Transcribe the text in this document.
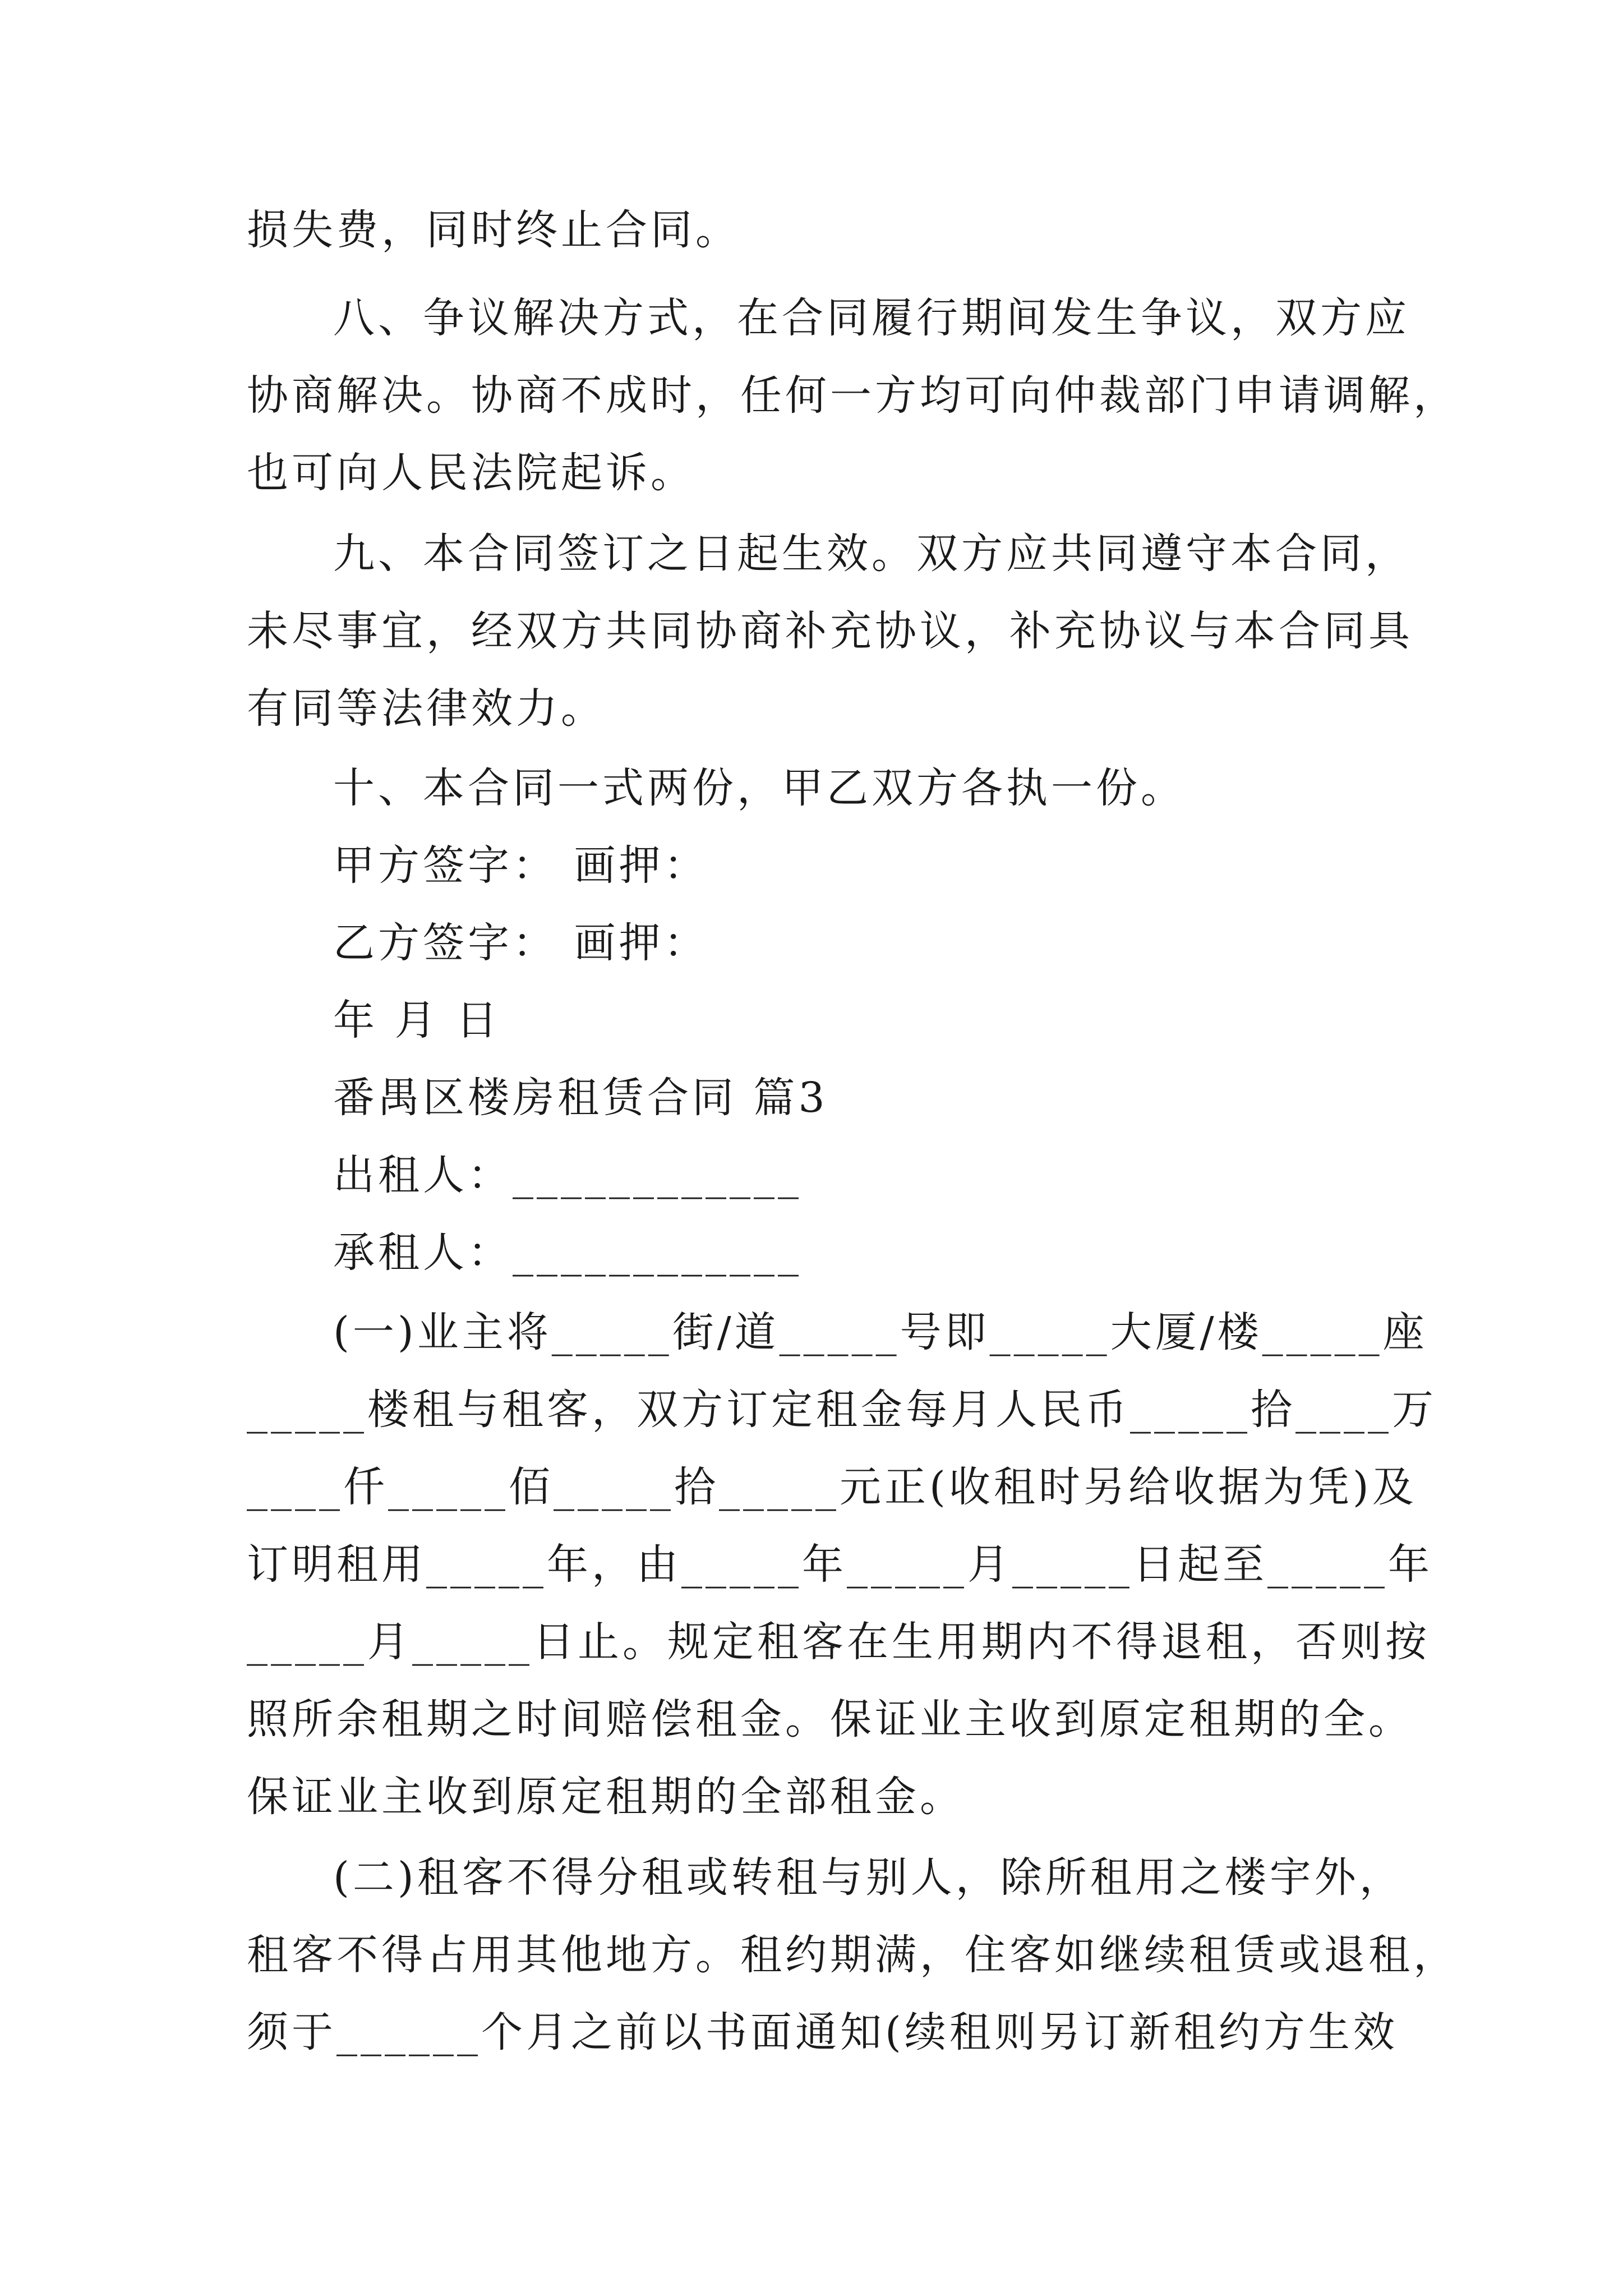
损失费，同时终止合同。
八、争议解决方式，在合同履行期间发生争议，双方应
协商解决。协商不成时，任何一方均可向仲裁部门申请调解，
也可向人民法院起诉。
九、本合同签订之日起生效。双方应共同遵守本合同，
未尽事宜，经双方共同协商补充协议，补充协议与本合同具
有同等法律效力。
十、本合同一式两份，甲乙双方各执一份。
甲方签字： 画押：
乙方签字： 画押：
年 月 日
番禺区楼房租赁合同 篇3
出租人：____________
承租人：____________
(一)业主将_____街/道_____号即_____大厦/楼_____座
_____楼租与租客，双方订定租金每月人民币_____拾____万
____仟_____佰_____拾_____元正(收租时另给收据为凭)及
订明租用_____年，由_____年_____月_____日起至_____年
_____月_____日止。规定租客在生用期内不得退租，否则按
照所余租期之时间赔偿租金。保证业主收到原定租期的全。
保证业主收到原定租期的全部租金。
(二)租客不得分租或转租与别人，除所租用之楼宇外，
租客不得占用其他地方。租约期满，住客如继续租赁或退租，
须于______个月之前以书面通知(续租则另订新租约方生效
